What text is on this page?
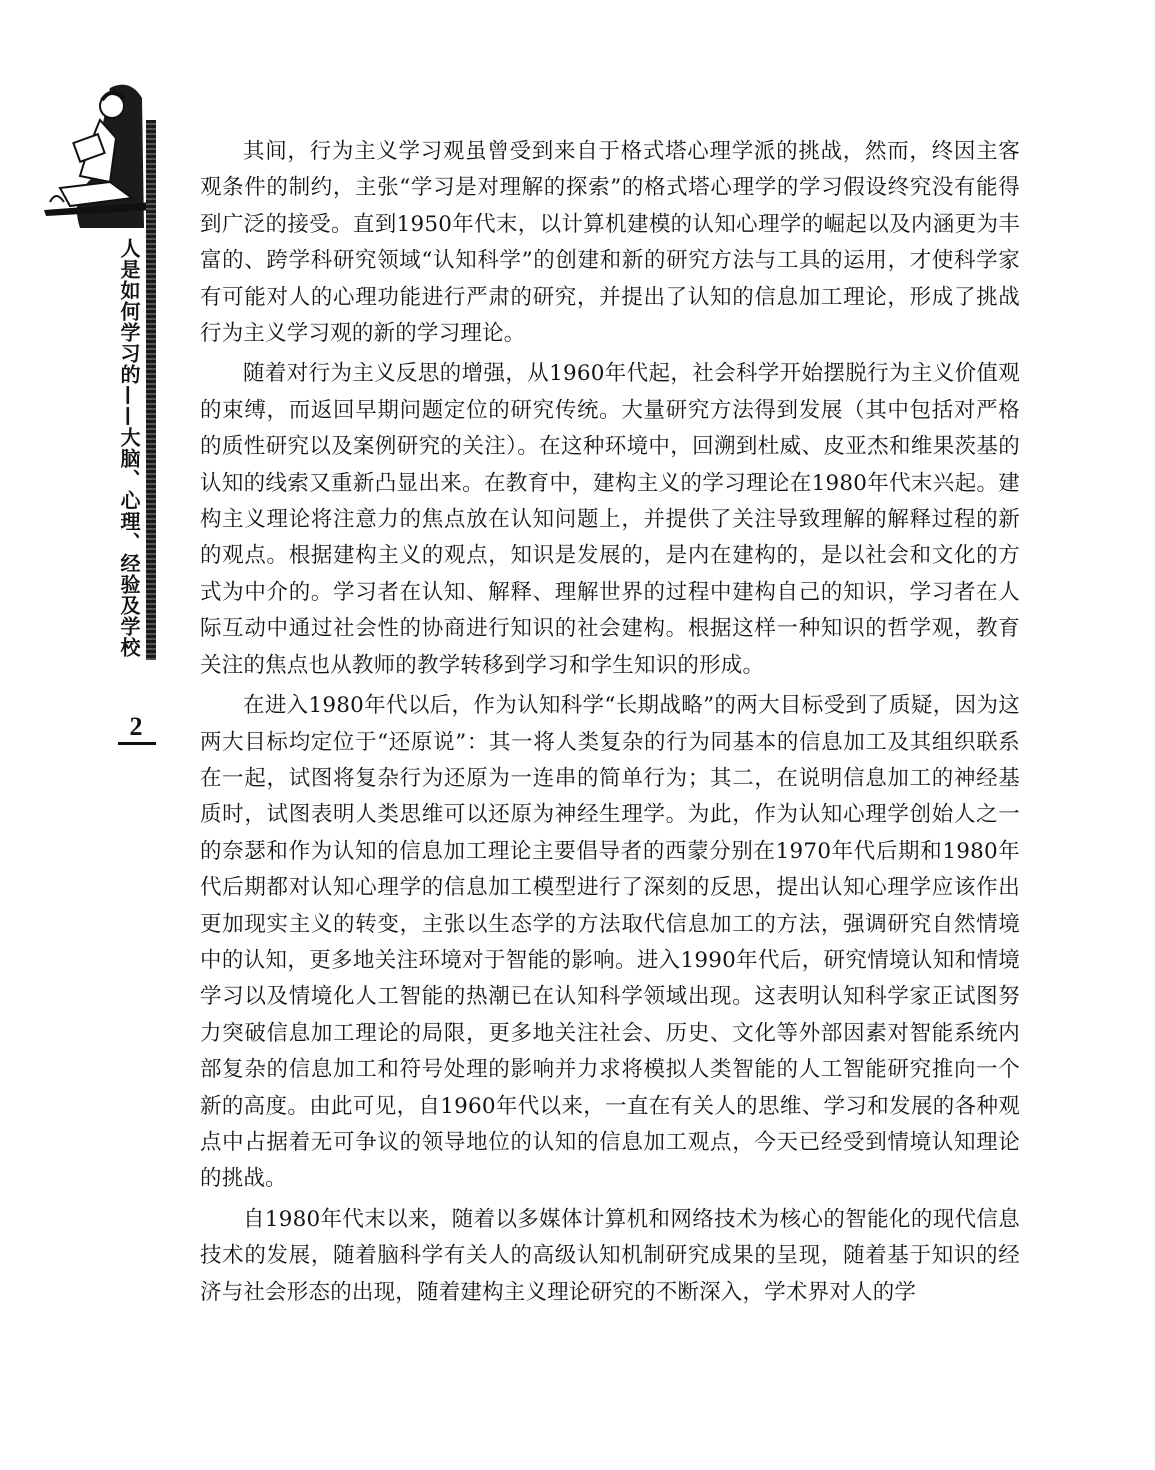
人是如何学习的——大脑、心理、经验及学校
2

其间，行为主义学习观虽曾受到来自于格式塔心理学派的挑战，然而，终因主客观条件的制约，主张“学习是对理解的探索”的格式塔心理学的学习假设终究没有能得到广泛的接受。直到1950年代末，以计算机建模的认知心理学的崛起以及内涵更为丰富的、跨学科研究领域“认知科学”的创建和新的研究方法与工具的运用，才使科学家有可能对人的心理功能进行严肃的研究，并提出了认知的信息加工理论，形成了挑战行为主义学习观的新的学习理论。

随着对行为主义反思的增强，从1960年代起，社会科学开始摆脱行为主义价值观的束缚，而返回早期问题定位的研究传统。大量研究方法得到发展（其中包括对严格的质性研究以及案例研究的关注）。在这种环境中，回溯到杜威、皮亚杰和维果茨基的认知的线索又重新凸显出来。在教育中，建构主义的学习理论在1980年代末兴起。建构主义理论将注意力的焦点放在认知问题上，并提供了关注导致理解的解释过程的新的观点。根据建构主义的观点，知识是发展的，是内在建构的，是以社会和文化的方式为中介的。学习者在认知、解释、理解世界的过程中建构自己的知识，学习者在人际互动中通过社会性的协商进行知识的社会建构。根据这样一种知识的哲学观，教育关注的焦点也从教师的教学转移到学习和学生知识的形成。

在进入1980年代以后，作为认知科学“长期战略”的两大目标受到了质疑，因为这两大目标均定位于“还原说”：其一将人类复杂的行为同基本的信息加工及其组织联系在一起，试图将复杂行为还原为一连串的简单行为；其二，在说明信息加工的神经基质时，试图表明人类思维可以还原为神经生理学。为此，作为认知心理学创始人之一的奈瑟和作为认知的信息加工理论主要倡导者的西蒙分别在1970年代后期和1980年代后期都对认知心理学的信息加工模型进行了深刻的反思，提出认知心理学应该作出更加现实主义的转变，主张以生态学的方法取代信息加工的方法，强调研究自然情境中的认知，更多地关注环境对于智能的影响。进入1990年代后，研究情境认知和情境学习以及情境化人工智能的热潮已在认知科学领域出现。这表明认知科学家正试图努力突破信息加工理论的局限，更多地关注社会、历史、文化等外部因素对智能系统内部复杂的信息加工和符号处理的影响并力求将模拟人类智能的人工智能研究推向一个新的高度。由此可见，自1960年代以来，一直在有关人的思维、学习和发展的各种观点中占据着无可争议的领导地位的认知的信息加工观点，今天已经受到情境认知理论的挑战。

自1980年代末以来，随着以多媒体计算机和网络技术为核心的智能化的现代信息技术的发展，随着脑科学有关人的高级认知机制研究成果的呈现，随着基于知识的经济与社会形态的出现，随着建构主义理论研究的不断深入，学术界对人的学
